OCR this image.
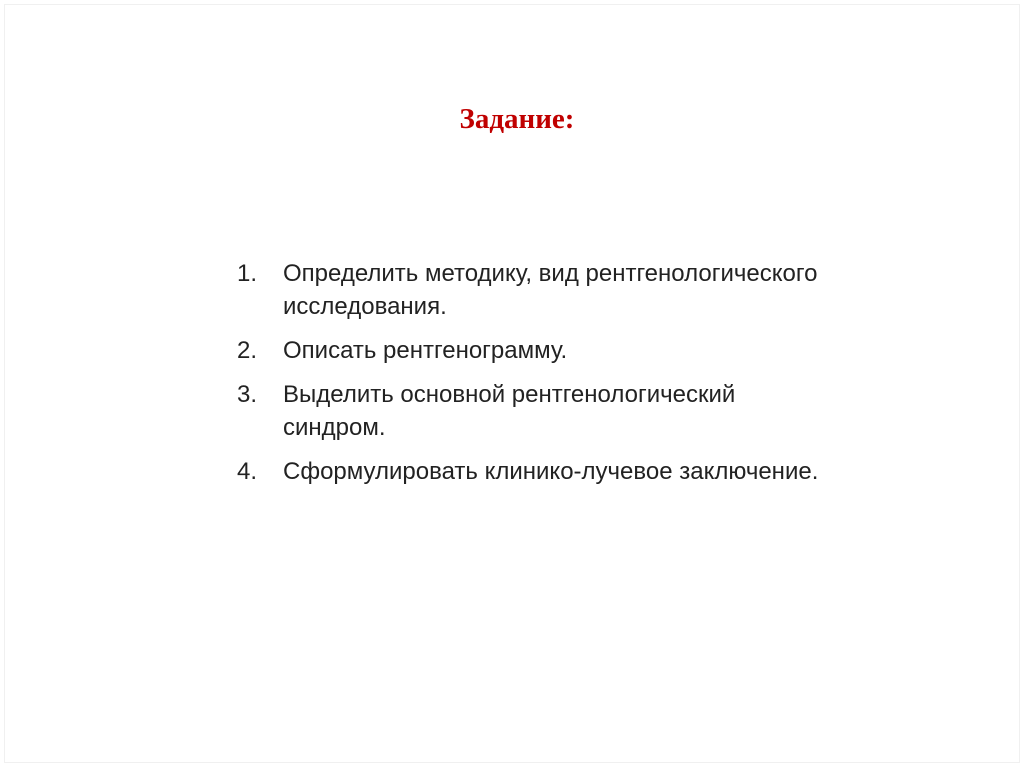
Задание:
1.	Определить методику, вид рентгенологического исследования.
2.	Описать рентгенограмму.
3.	Выделить основной рентгенологический синдром.
4.	Сформулировать клинико-лучевое заключение.
